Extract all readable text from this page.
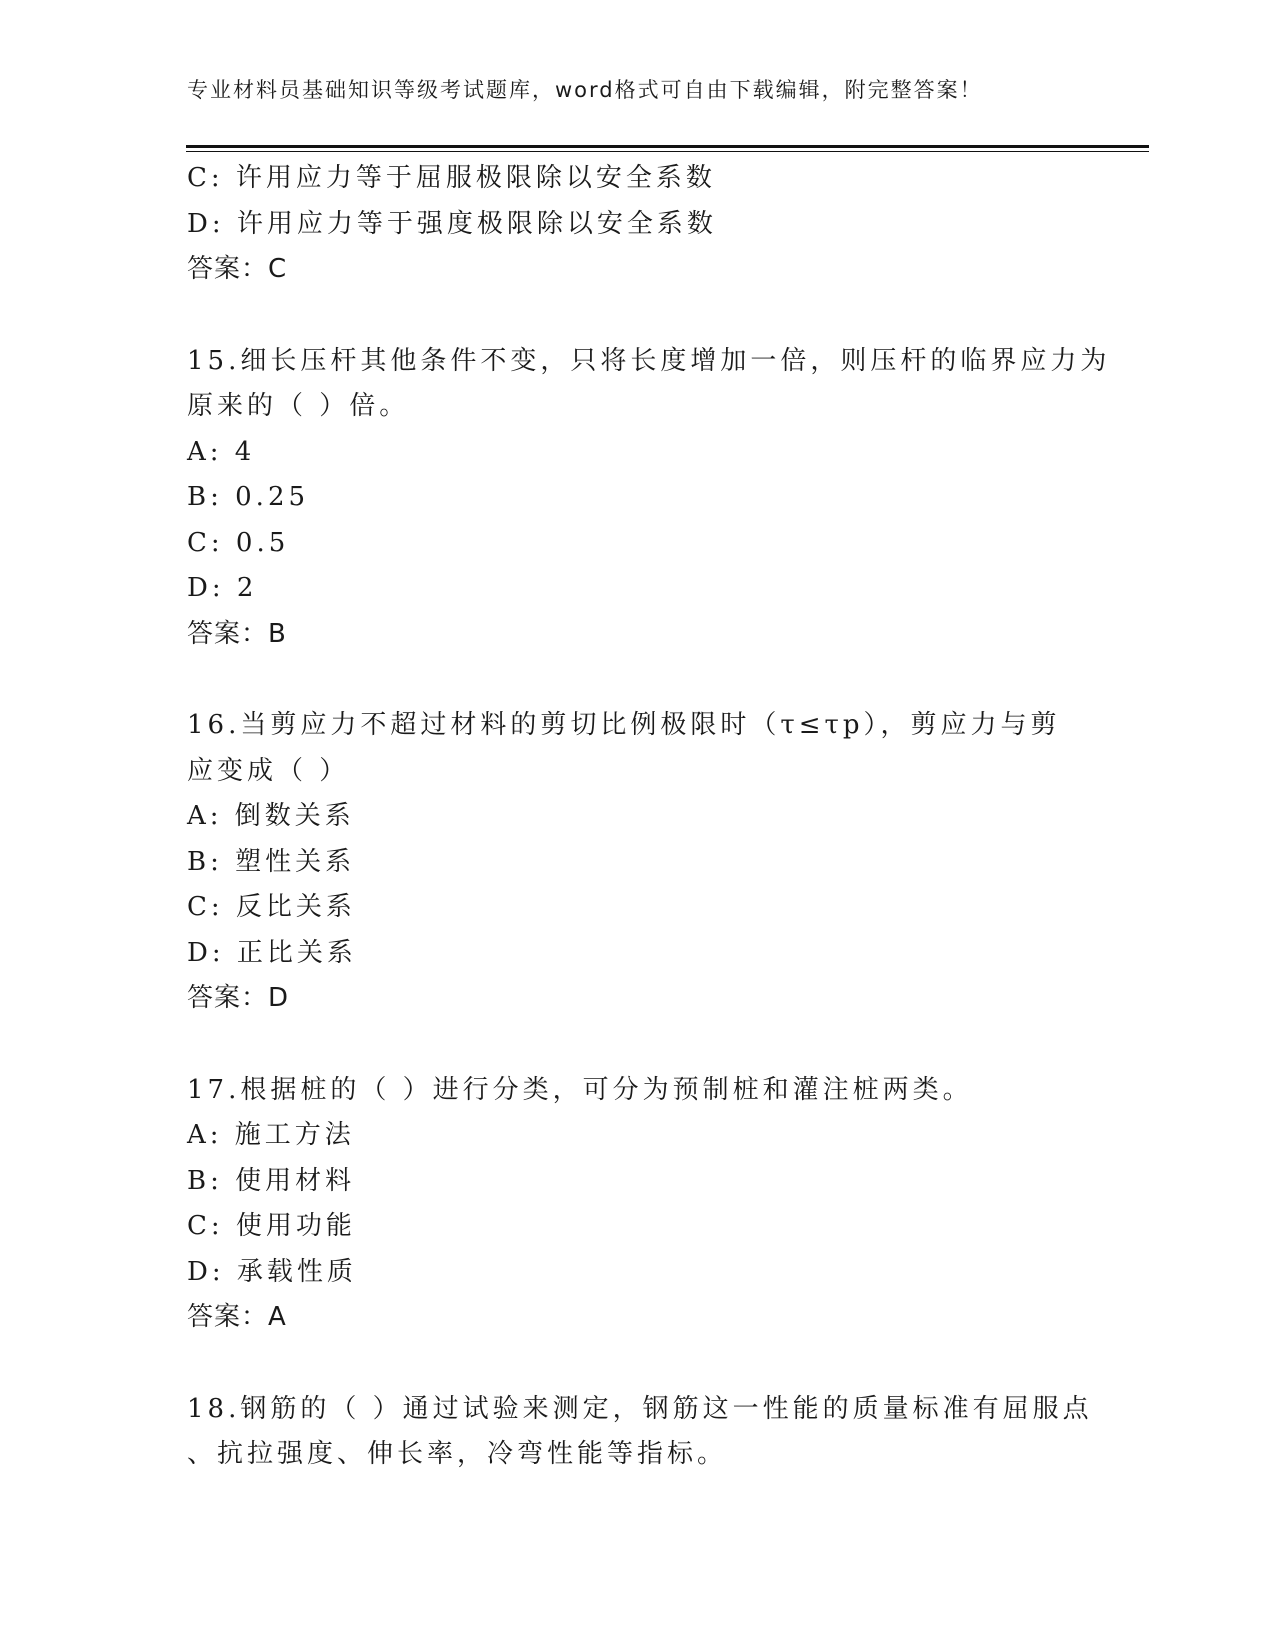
专业材料员基础知识等级考试题库，word格式可自由下载编辑，附完整答案！
C: 许用应力等于屈服极限除以安全系数
D: 许用应力等于强度极限除以安全系数
答案：C
15.细长压杆其他条件不变，只将长度增加一倍，则压杆的临界应力为
原来的（ ）倍。
A: 4
B: 0.25
C: 0.5
D: 2
答案：B
16.当剪应力不超过材料的剪切比例极限时（τ≤τp），剪应力与剪
应变成（ ）
A: 倒数关系
B: 塑性关系
C: 反比关系
D: 正比关系
答案：D
17.根据桩的（ ）进行分类，可分为预制桩和灌注桩两类。
A: 施工方法
B: 使用材料
C: 使用功能
D: 承载性质
答案：A
18.钢筋的（ ）通过试验来测定，钢筋这一性能的质量标准有屈服点
、抗拉强度、伸长率，冷弯性能等指标。
